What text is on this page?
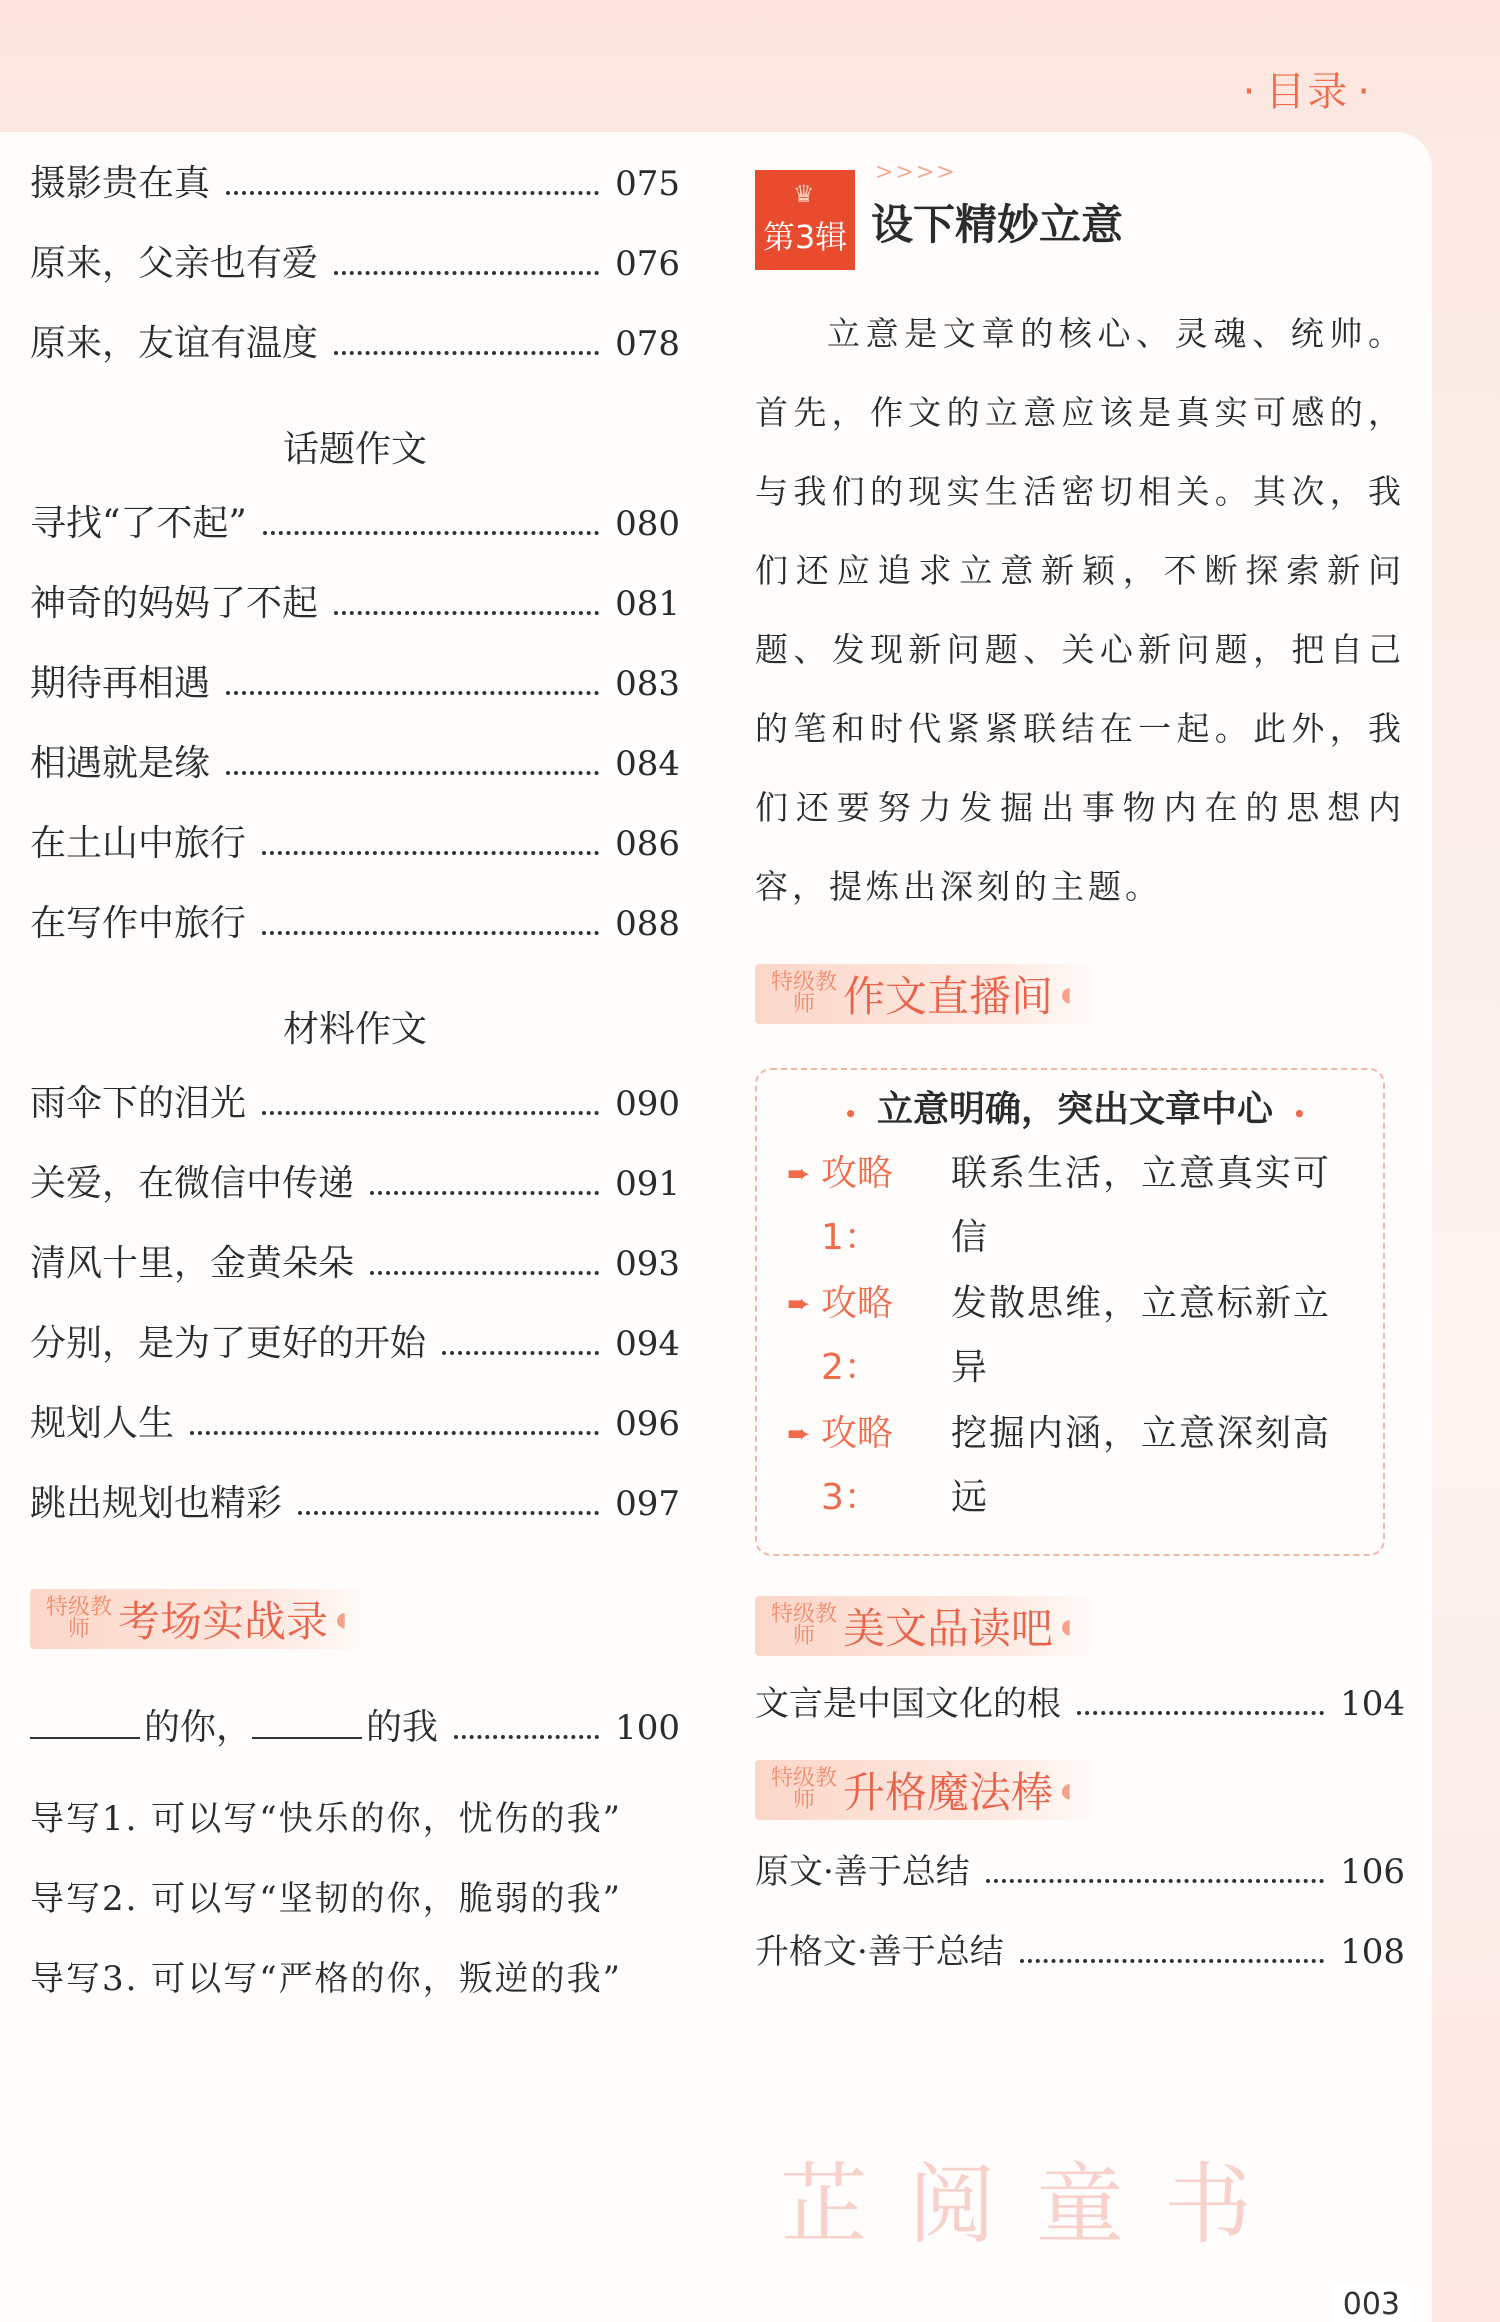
· 目录 ·
摄影贵在真	075
原来，父亲也有爱	076
原来，友谊有温度	078
话题作文
寻找“了不起”	080
神奇的妈妈了不起	081
期待再相遇	083
相遇就是缘	084
在土山中旅行	086
在写作中旅行	088
材料作文
雨伞下的泪光	090
关爱，在微信中传递	091
清风十里，金黄朵朵	093
分别，是为了更好的开始	094
规划人生	096
跳出规划也精彩	097
特级教师 考场实战录 ◖
的你，	的我	100
导写1. 可以写“快乐的你，忧伤的我”
导写2. 可以写“坚韧的你，脆弱的我”
导写3. 可以写“严格的你，叛逆的我”
♛
第3辑
>>>>
设下精妙立意

立意是文章的核心、灵魂、统帅。首先，作文的立意应该是真实可感的，与我们的现实生活密切相关。其次，我们还应追求立意新颖，不断探索新问题、发现新问题、关心新问题，把自己的笔和时代紧紧联结在一起。此外，我们还要努力发掘出事物内在的思想内容，提炼出深刻的主题。

特级教师 作文直播间 ◖
• 立意明确，突出文章中心 •
➨ 攻略1：
联系生活，立意真实可信
➨ 攻略2：
发散思维，立意标新立异
➨ 攻略3：
挖掘内涵，立意深刻高远
特级教师 美文品读吧 ◖
文言是中国文化的根	104
特级教师 升格魔法棒 ◖
原文·善于总结	106
升格文·善于总结	108
芷阅童书
003
